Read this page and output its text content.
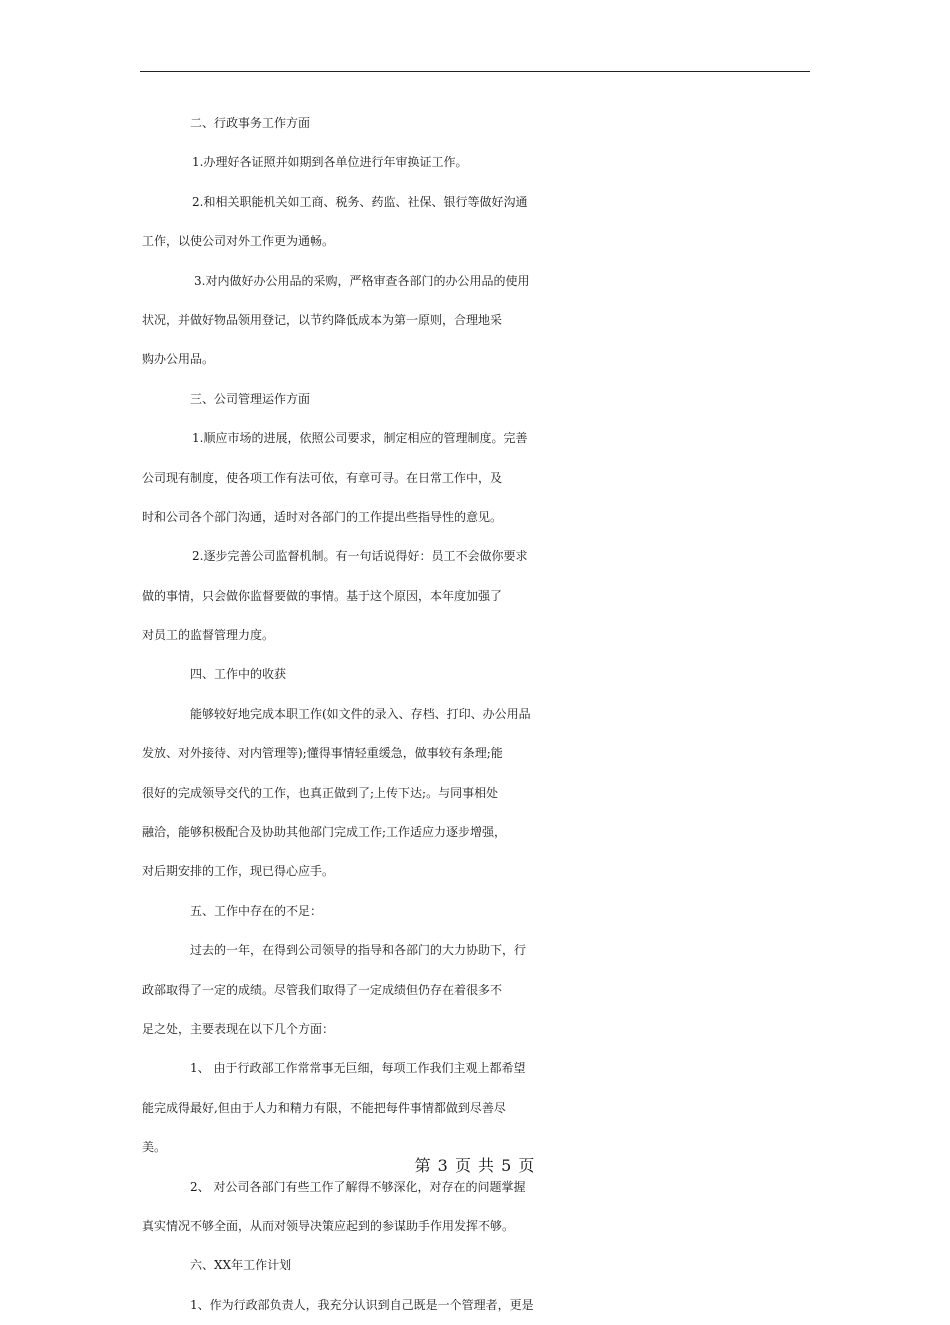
二、行政事务工作方面
1.办理好各证照并如期到各单位进行年审换证工作。
2.和相关职能机关如工商、税务、药监、社保、银行等做好沟通
工作，以使公司对外工作更为通畅。
3.对内做好办公用品的采购，严格审查各部门的办公用品的使用
状况，并做好物品领用登记，以节约降低成本为第一原则，合理地采
购办公用品。
三、公司管理运作方面
1.顺应市场的进展，依照公司要求，制定相应的管理制度。完善
公司现有制度，使各项工作有法可依，有章可寻。在日常工作中，及
时和公司各个部门沟通，适时对各部门的工作提出些指导性的意见。
2.逐步完善公司监督机制。有一句话说得好：员工不会做你要求
做的事情，只会做你监督要做的事情。基于这个原因，本年度加强了
对员工的监督管理力度。
四、工作中的收获
能够较好地完成本职工作(如文件的录入、存档、打印、办公用品
发放、对外接待、对内管理等);懂得事情轻重缓急，做事较有条理;能
很好的完成领导交代的工作，也真正做到了;上传下达;。与同事相处
融洽，能够积极配合及协助其他部门完成工作;工作适应力逐步增强，
对后期安排的工作，现已得心应手。
五、工作中存在的不足：
过去的一年，在得到公司领导的指导和各部门的大力协助下，行
政部取得了一定的成绩。尽管我们取得了一定成绩但仍存在着很多不
足之处，主要表现在以下几个方面：
1、 由于行政部工作常常事无巨细，每项工作我们主观上都希望
能完成得最好,但由于人力和精力有限，不能把每件事情都做到尽善尽
美。
2、 对公司各部门有些工作了解得不够深化，对存在的问题掌握
真实情况不够全面，从而对领导决策应起到的参谋助手作用发挥不够。
六、XX年工作计划
1、作为行政部负责人，我充分认识到自己既是一个管理者，更是
第 3 页 共 5 页
